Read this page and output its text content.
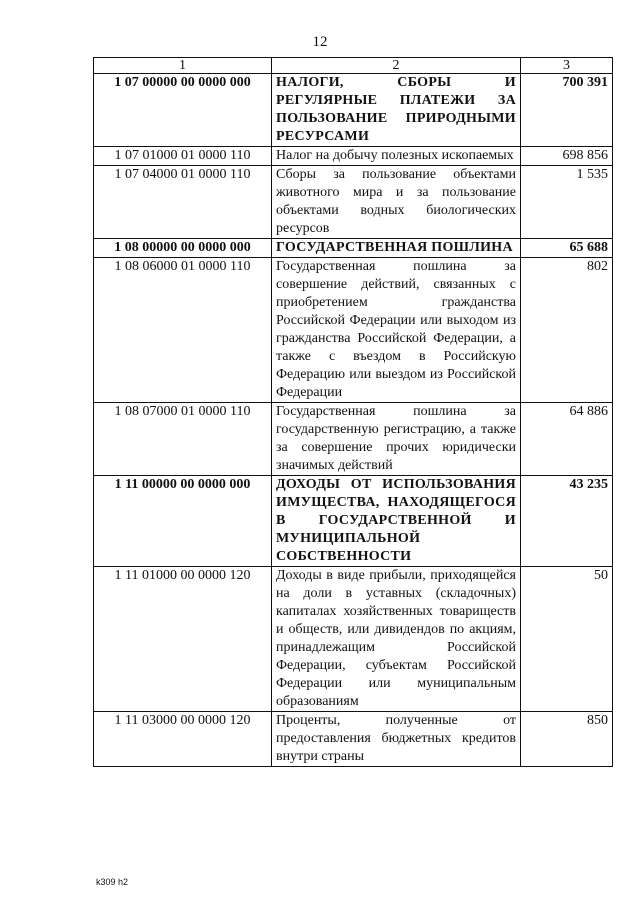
12
1	2	3
1 07 00000 00 0000 000	НАЛОГИ, СБОРЫ И РЕГУЛЯРНЫЕ ПЛАТЕЖИ ЗА ПОЛЬЗОВАНИЕ ПРИРОДНЫМИ РЕСУРСАМИ	700 391
1 07 01000 01 0000 110	Налог на добычу полезных ископаемых	698 856
1 07 04000 01 0000 110	Сборы за пользование объектами животного мира и за пользование объектами водных биологических ресурсов	1 535
1 08 00000 00 0000 000	ГОСУДАРСТВЕННАЯ ПОШЛИНА	65 688
1 08 06000 01 0000 110	Государственная пошлина за совершение действий, связанных с приобретением гражданства Российской Федерации или выходом из гражданства Российской Федерации, а также с въездом в Российскую Федерацию или выездом из Российской Федерации	802
1 08 07000 01 0000 110	Государственная пошлина за государственную регистрацию, а также за совершение прочих юридически значимых действий	64 886
1 11 00000 00 0000 000	ДОХОДЫ ОТ ИСПОЛЬЗОВАНИЯ ИМУЩЕСТВА, НАХОДЯЩЕГОСЯ В ГОСУДАРСТВЕННОЙ И МУНИЦИПАЛЬНОЙ СОБСТВЕННОСТИ	43 235
1 11 01000 00 0000 120	Доходы в виде прибыли, приходящейся на доли в уставных (складочных) капиталах хозяйственных товариществ и обществ, или дивидендов по акциям, принадлежащим Российской Федерации, субъектам Российской Федерации или муниципальным образованиям	50
1 11 03000 00 0000 120	Проценты, полученные от предоставления бюджетных кредитов внутри страны	850
k309 h2
